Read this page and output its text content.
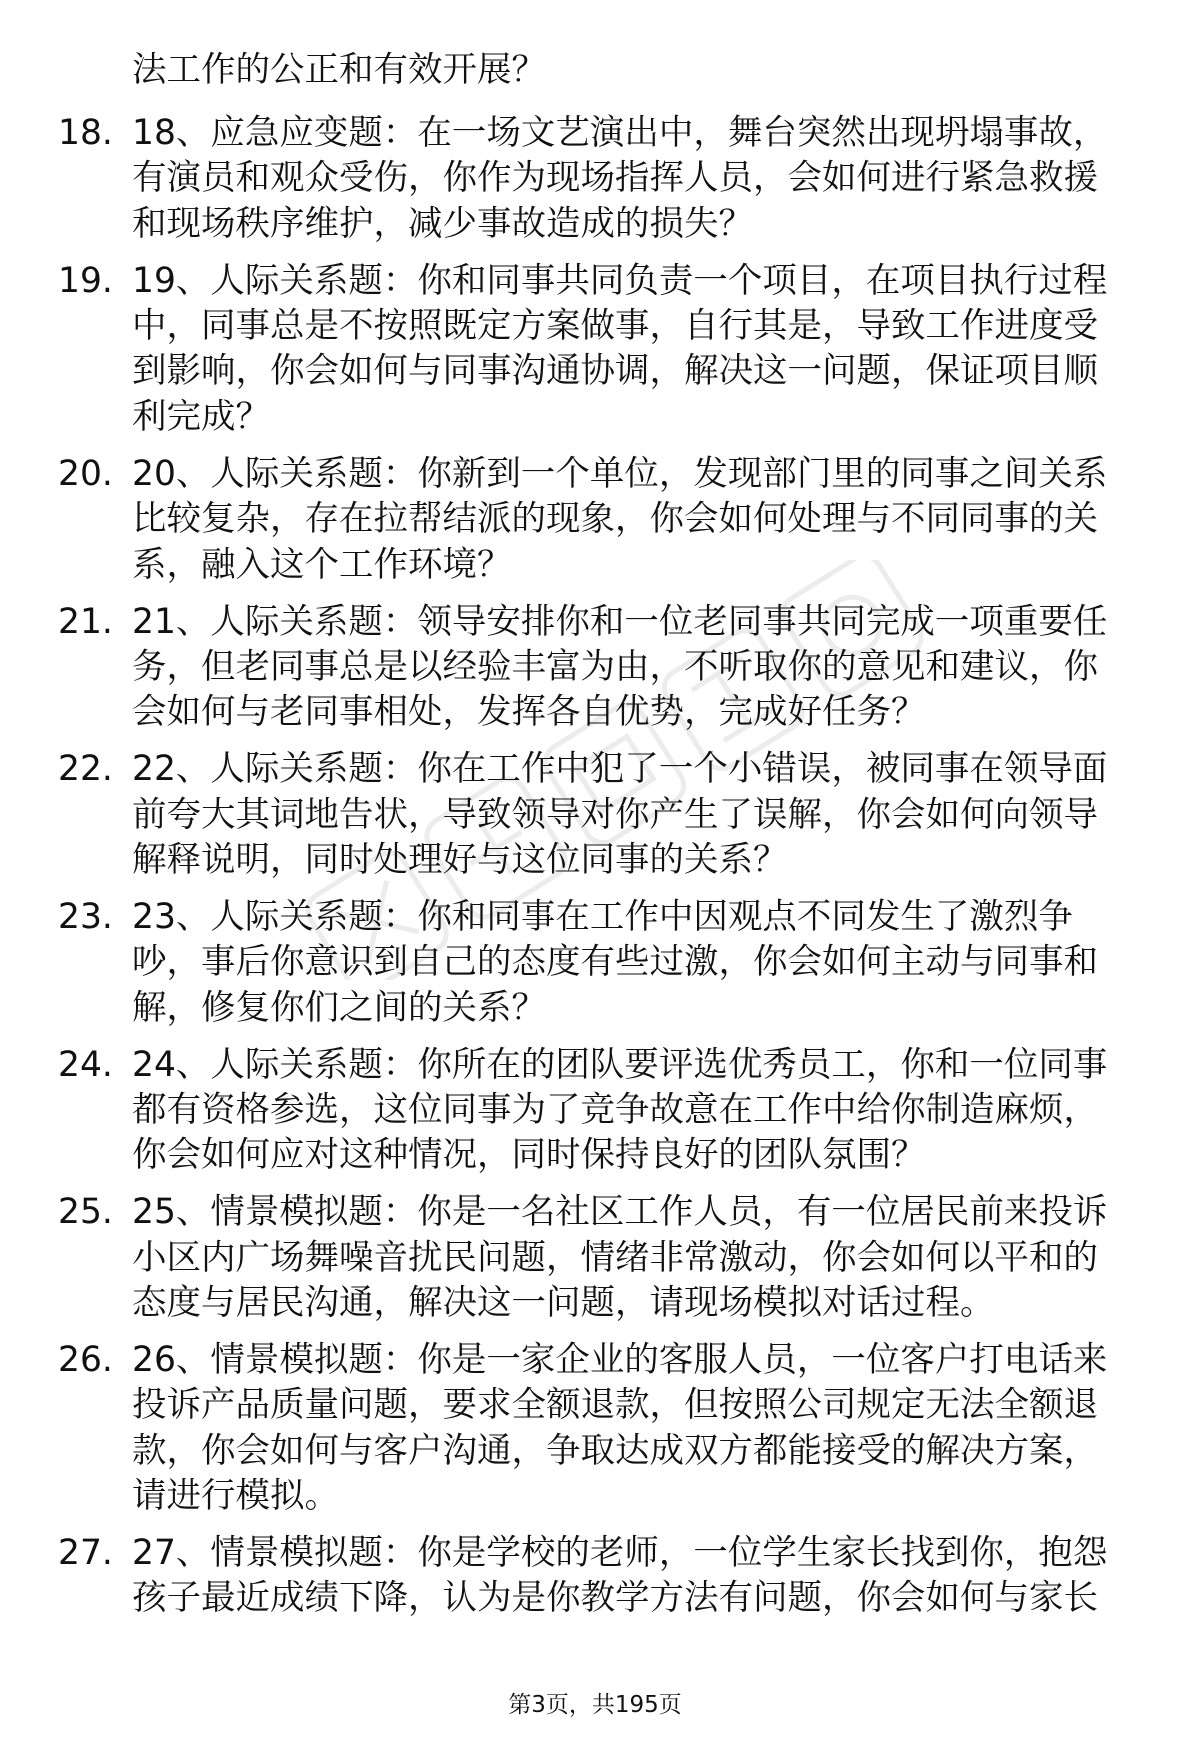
法工作的公正和有效开展？
18. 18、应急应变题：在一场文艺演出中，舞台突然出现坍塌事故，
有演员和观众受伤，你作为现场指挥人员，会如何进行紧急救援
和现场秩序维护，减少事故造成的损失？
19. 19、人际关系题：你和同事共同负责一个项目，在项目执行过程
中，同事总是不按照既定方案做事，自行其是，导致工作进度受
到影响，你会如何与同事沟通协调，解决这一问题，保证项目顺
利完成？
20. 20、人际关系题：你新到一个单位，发现部门里的同事之间关系
比较复杂，存在拉帮结派的现象，你会如何处理与不同同事的关
系，融入这个工作环境？
21. 21、人际关系题：领导安排你和一位老同事共同完成一项重要任
务，但老同事总是以经验丰富为由，不听取你的意见和建议，你
会如何与老同事相处，发挥各自优势，完成好任务？
22. 22、人际关系题：你在工作中犯了一个小错误，被同事在领导面
前夸大其词地告状，导致领导对你产生了误解，你会如何向领导
解释说明，同时处理好与这位同事的关系？
23. 23、人际关系题：你和同事在工作中因观点不同发生了激烈争
吵，事后你意识到自己的态度有些过激，你会如何主动与同事和
解，修复你们之间的关系？
24. 24、人际关系题：你所在的团队要评选优秀员工，你和一位同事
都有资格参选，这位同事为了竞争故意在工作中给你制造麻烦，
你会如何应对这种情况，同时保持良好的团队氛围？
25. 25、情景模拟题：你是一名社区工作人员，有一位居民前来投诉
小区内广场舞噪音扰民问题，情绪非常激动，你会如何以平和的
态度与居民沟通，解决这一问题，请现场模拟对话过程。
26. 26、情景模拟题：你是一家企业的客服人员，一位客户打电话来
投诉产品质量问题，要求全额退款，但按照公司规定无法全额退
款，你会如何与客户沟通，争取达成双方都能接受的解决方案，
请进行模拟。
27. 27、情景模拟题：你是学校的老师，一位学生家长找到你，抱怨
孩子最近成绩下降，认为是你教学方法有问题，你会如何与家长
第3页，共195页
